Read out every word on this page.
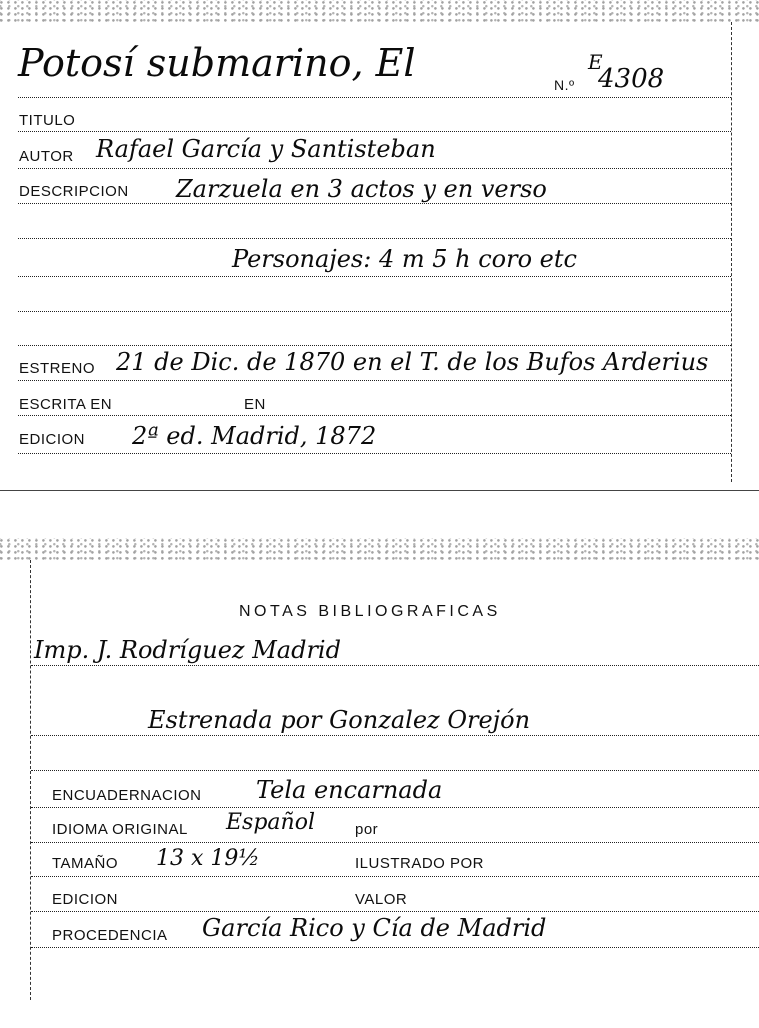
Potosí submarino, El	N.º
E
4308
TITULO
AUTOR Rafael García y Santisteban
DESCRIPCION Zarzuela en 3 actos y en verso
Personajes: 4 m 5 h coro etc
ESTRENO 21 de Dic. de 1870 en el T. de los Bufos Arderius
ESCRITA EN	EN
EDICION 2ª ed. Madrid, 1872
NOTAS BIBLIOGRAFICAS
Imp. J. Rodríguez Madrid
Estrenada por Gonzalez Orejón
ENCUADERNACION Tela encarnada
IDIOMA ORIGINAL Español	por
TAMAÑO 13 x 19½	ILUSTRADO POR
EDICION	VALOR
PROCEDENCIA García Rico y Cía de Madrid
